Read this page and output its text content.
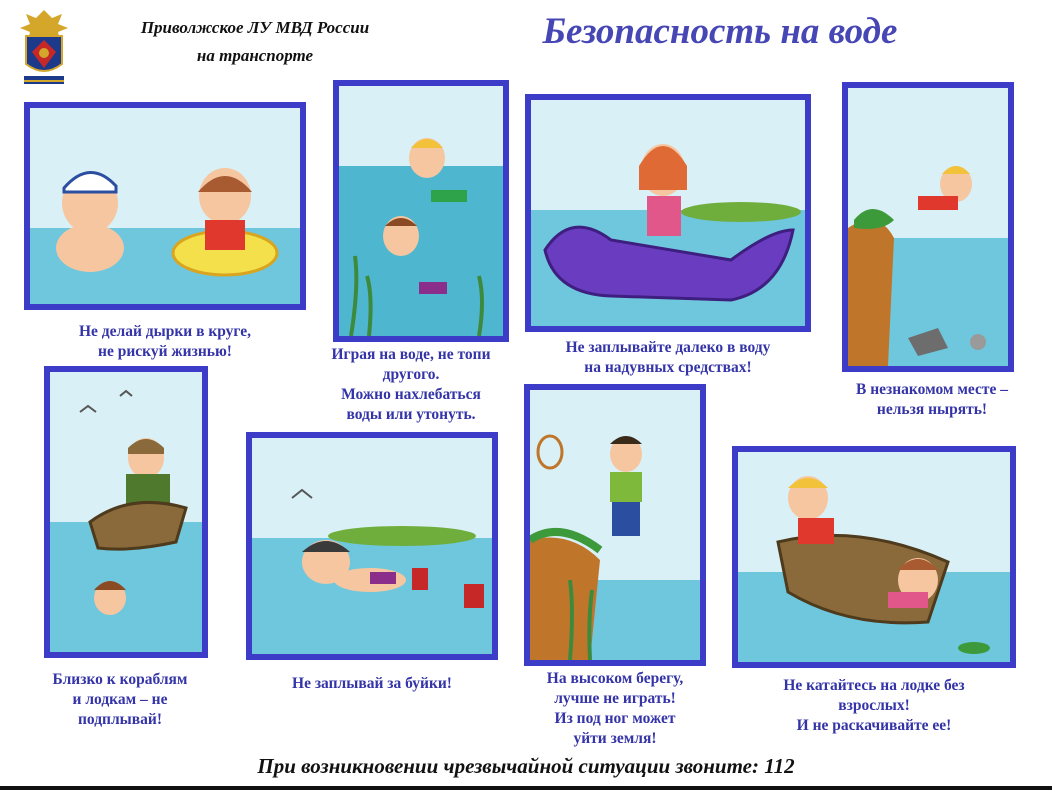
Приволжское ЛУ МВД России
на транспорте
Безопасность на воде
Не делай дырки в круге,
не рискуй жизнью!	Играя на воде, не топи
другого.
Можно нахлебаться
воды или утонуть.
Не заплывайте далеко в воду
на надувных средствах!
В незнакомом месте –
нельзя нырять!
Близко к кораблям
и лодкам – не
подплывай!
Не заплывай за буйки!	На высоком берегу,
лучше не играть!
Из под ног может
уйти земля!
Не катайтесь на лодке без
взрослых!
И не раскачивайте ее!
При возникновении чрезвычайной ситуации звоните: 112
